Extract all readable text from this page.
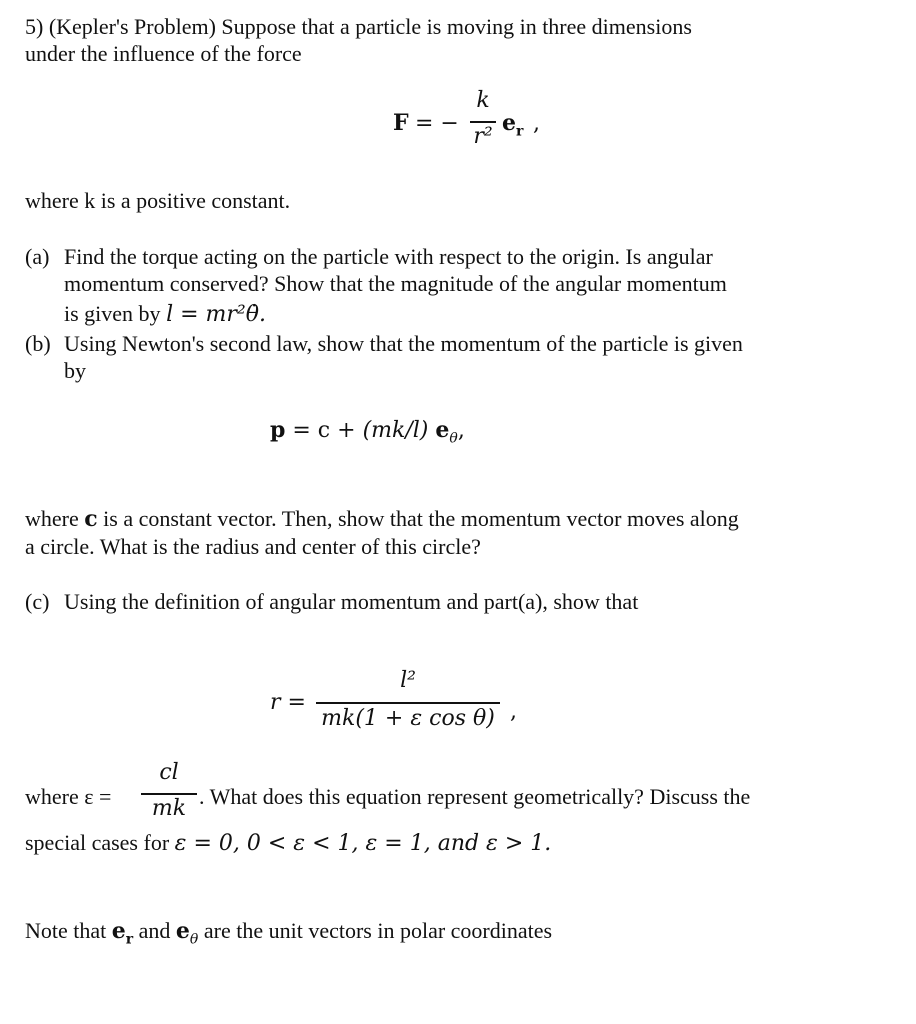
5) (Kepler's Problem) Suppose that a particle is moving in three dimensions
under the influence of the force
F = −
k
r²
$e_r$ ,
where k is a positive constant.
(a) Find the torque acting on the particle with respect to the origin. Is angular
momentum conserved? Show that the magnitude of the angular momentum
is given by l = mr²θ̇.
(b) Using Newton's second law, show that the momentum of the particle is given
by
p = c + (mk/l) $e_\theta$,
where c is a constant vector. Then, show that the momentum vector moves along
a circle. What is the radius and center of this circle?
(c) Using the definition of angular momentum and part(a), show that
r =
l²
mk(1 + ε cos θ) ,
where ε =
cl
mk . What does this equation represent geometrically? Discuss the
special cases for ε = 0, 0 < ε < 1, ε = 1, and ε > 1.
Note that $e_r$ and $e_\theta$ are the unit vectors in polar coordinates
